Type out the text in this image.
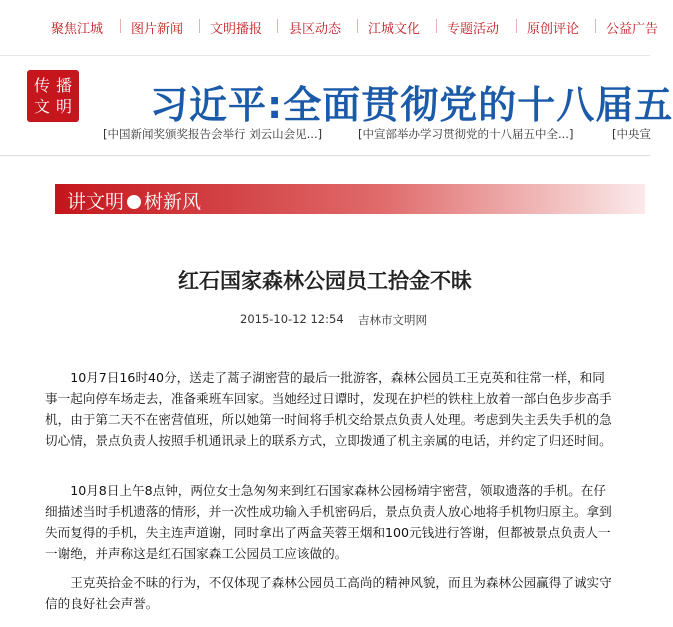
聚焦江城 图片新闻 文明播报 县区动态 江城文化 专题活动 原创评论 公益广告
传 播
文 明 习近平:全面贯彻党的十八届五
[中国新闻奖颁奖报告会举行 刘云山会见...]	[中宣部举办学习贯彻党的十八届五中全...]	[中央宣
讲文明 树新风
红石国家森林公园员工拾金不昧
2015-10-12 12:54 吉林市文明网
10月7日16时40分，送走了蒿子湖密营的最后一批游客，森林公园员工王克英和往常一样，和同事一起向停车场走去，准备乘班车回家。当她经过日谭时，发现在护栏的铁柱上放着一部白色步步高手机，由于第二天不在密营值班，所以她第一时间将手机交给景点负责人处理。考虑到失主丢失手机的急切心情，景点负责人按照手机通讯录上的联系方式，立即拨通了机主亲属的电话，并约定了归还时间。
10月8日上午8点钟，两位女士急匆匆来到红石国家森林公园杨靖宇密营，领取遗落的手机。在仔细描述当时手机遗落的情形，并一次性成功输入手机密码后，景点负责人放心地将手机物归原主。拿到失而复得的手机，失主连声道谢，同时拿出了两盒芙蓉王烟和100元钱进行答谢，但都被景点负责人一一谢绝，并声称这是红石国家森工公园员工应该做的。
王克英拾金不昧的行为，不仅体现了森林公园员工高尚的精神风貌，而且为森林公园赢得了诚实守信的良好社会声誉。
